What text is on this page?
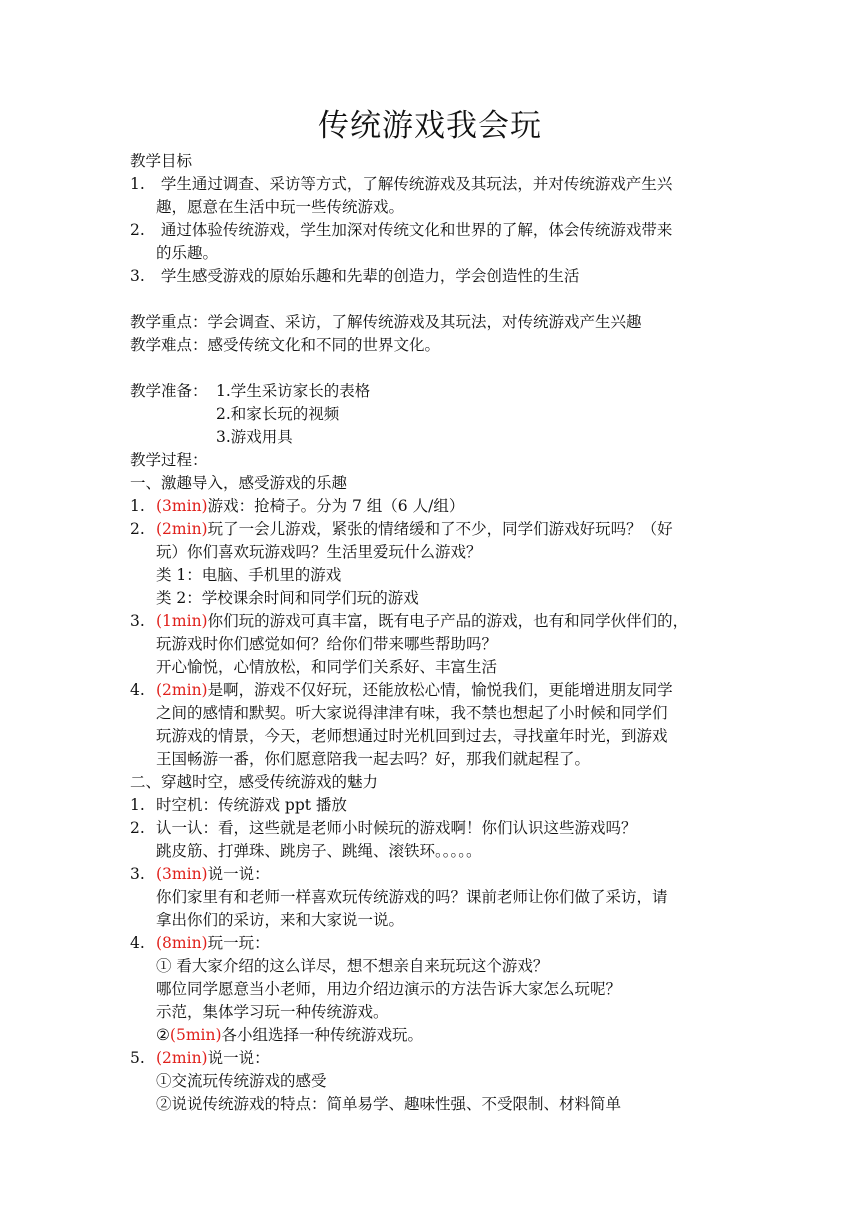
传统游戏我会玩
教学目标
1. 学生通过调查、采访等方式，了解传统游戏及其玩法，并对传统游戏产生兴
趣，愿意在生活中玩一些传统游戏。
2. 通过体验传统游戏，学生加深对传统文化和世界的了解，体会传统游戏带来
的乐趣。
3. 学生感受游戏的原始乐趣和先辈的创造力，学会创造性的生活
教学重点：学会调查、采访，了解传统游戏及其玩法，对传统游戏产生兴趣
教学难点：感受传统文化和不同的世界文化。
教学准备： 1.学生采访家长的表格
2.和家长玩的视频
3.游戏用具
教学过程：
一、激趣导入，感受游戏的乐趣
1. (3min)游戏：抢椅子。分为 7 组（6 人/组）
2. (2min)玩了一会儿游戏，紧张的情绪缓和了不少，同学们游戏好玩吗？（好
玩）你们喜欢玩游戏吗？生活里爱玩什么游戏？
类 1：电脑、手机里的游戏
类 2：学校课余时间和同学们玩的游戏
3. (1min)你们玩的游戏可真丰富，既有电子产品的游戏，也有和同学伙伴们的，
玩游戏时你们感觉如何？给你们带来哪些帮助吗？
开心愉悦，心情放松，和同学们关系好、丰富生活
4. (2min)是啊，游戏不仅好玩，还能放松心情，愉悦我们，更能增进朋友同学
之间的感情和默契。听大家说得津津有味，我不禁也想起了小时候和同学们
玩游戏的情景，今天，老师想通过时光机回到过去，寻找童年时光，到游戏
王国畅游一番，你们愿意陪我一起去吗？好，那我们就起程了。
二、穿越时空，感受传统游戏的魅力
1. 时空机：传统游戏 ppt 播放
2. 认一认：看，这些就是老师小时候玩的游戏啊！你们认识这些游戏吗？
跳皮筋、打弹珠、跳房子、跳绳、滚铁环。。。。。
3. (3min)说一说：
你们家里有和老师一样喜欢玩传统游戏的吗？课前老师让你们做了采访，请
拿出你们的采访，来和大家说一说。
4. (8min)玩一玩：
① 看大家介绍的这么详尽，想不想亲自来玩玩这个游戏？
哪位同学愿意当小老师，用边介绍边演示的方法告诉大家怎么玩呢？
示范，集体学习玩一种传统游戏。
②(5min)各小组选择一种传统游戏玩。
5. (2min)说一说：
①交流玩传统游戏的感受
②说说传统游戏的特点：简单易学、趣味性强、不受限制、材料简单
